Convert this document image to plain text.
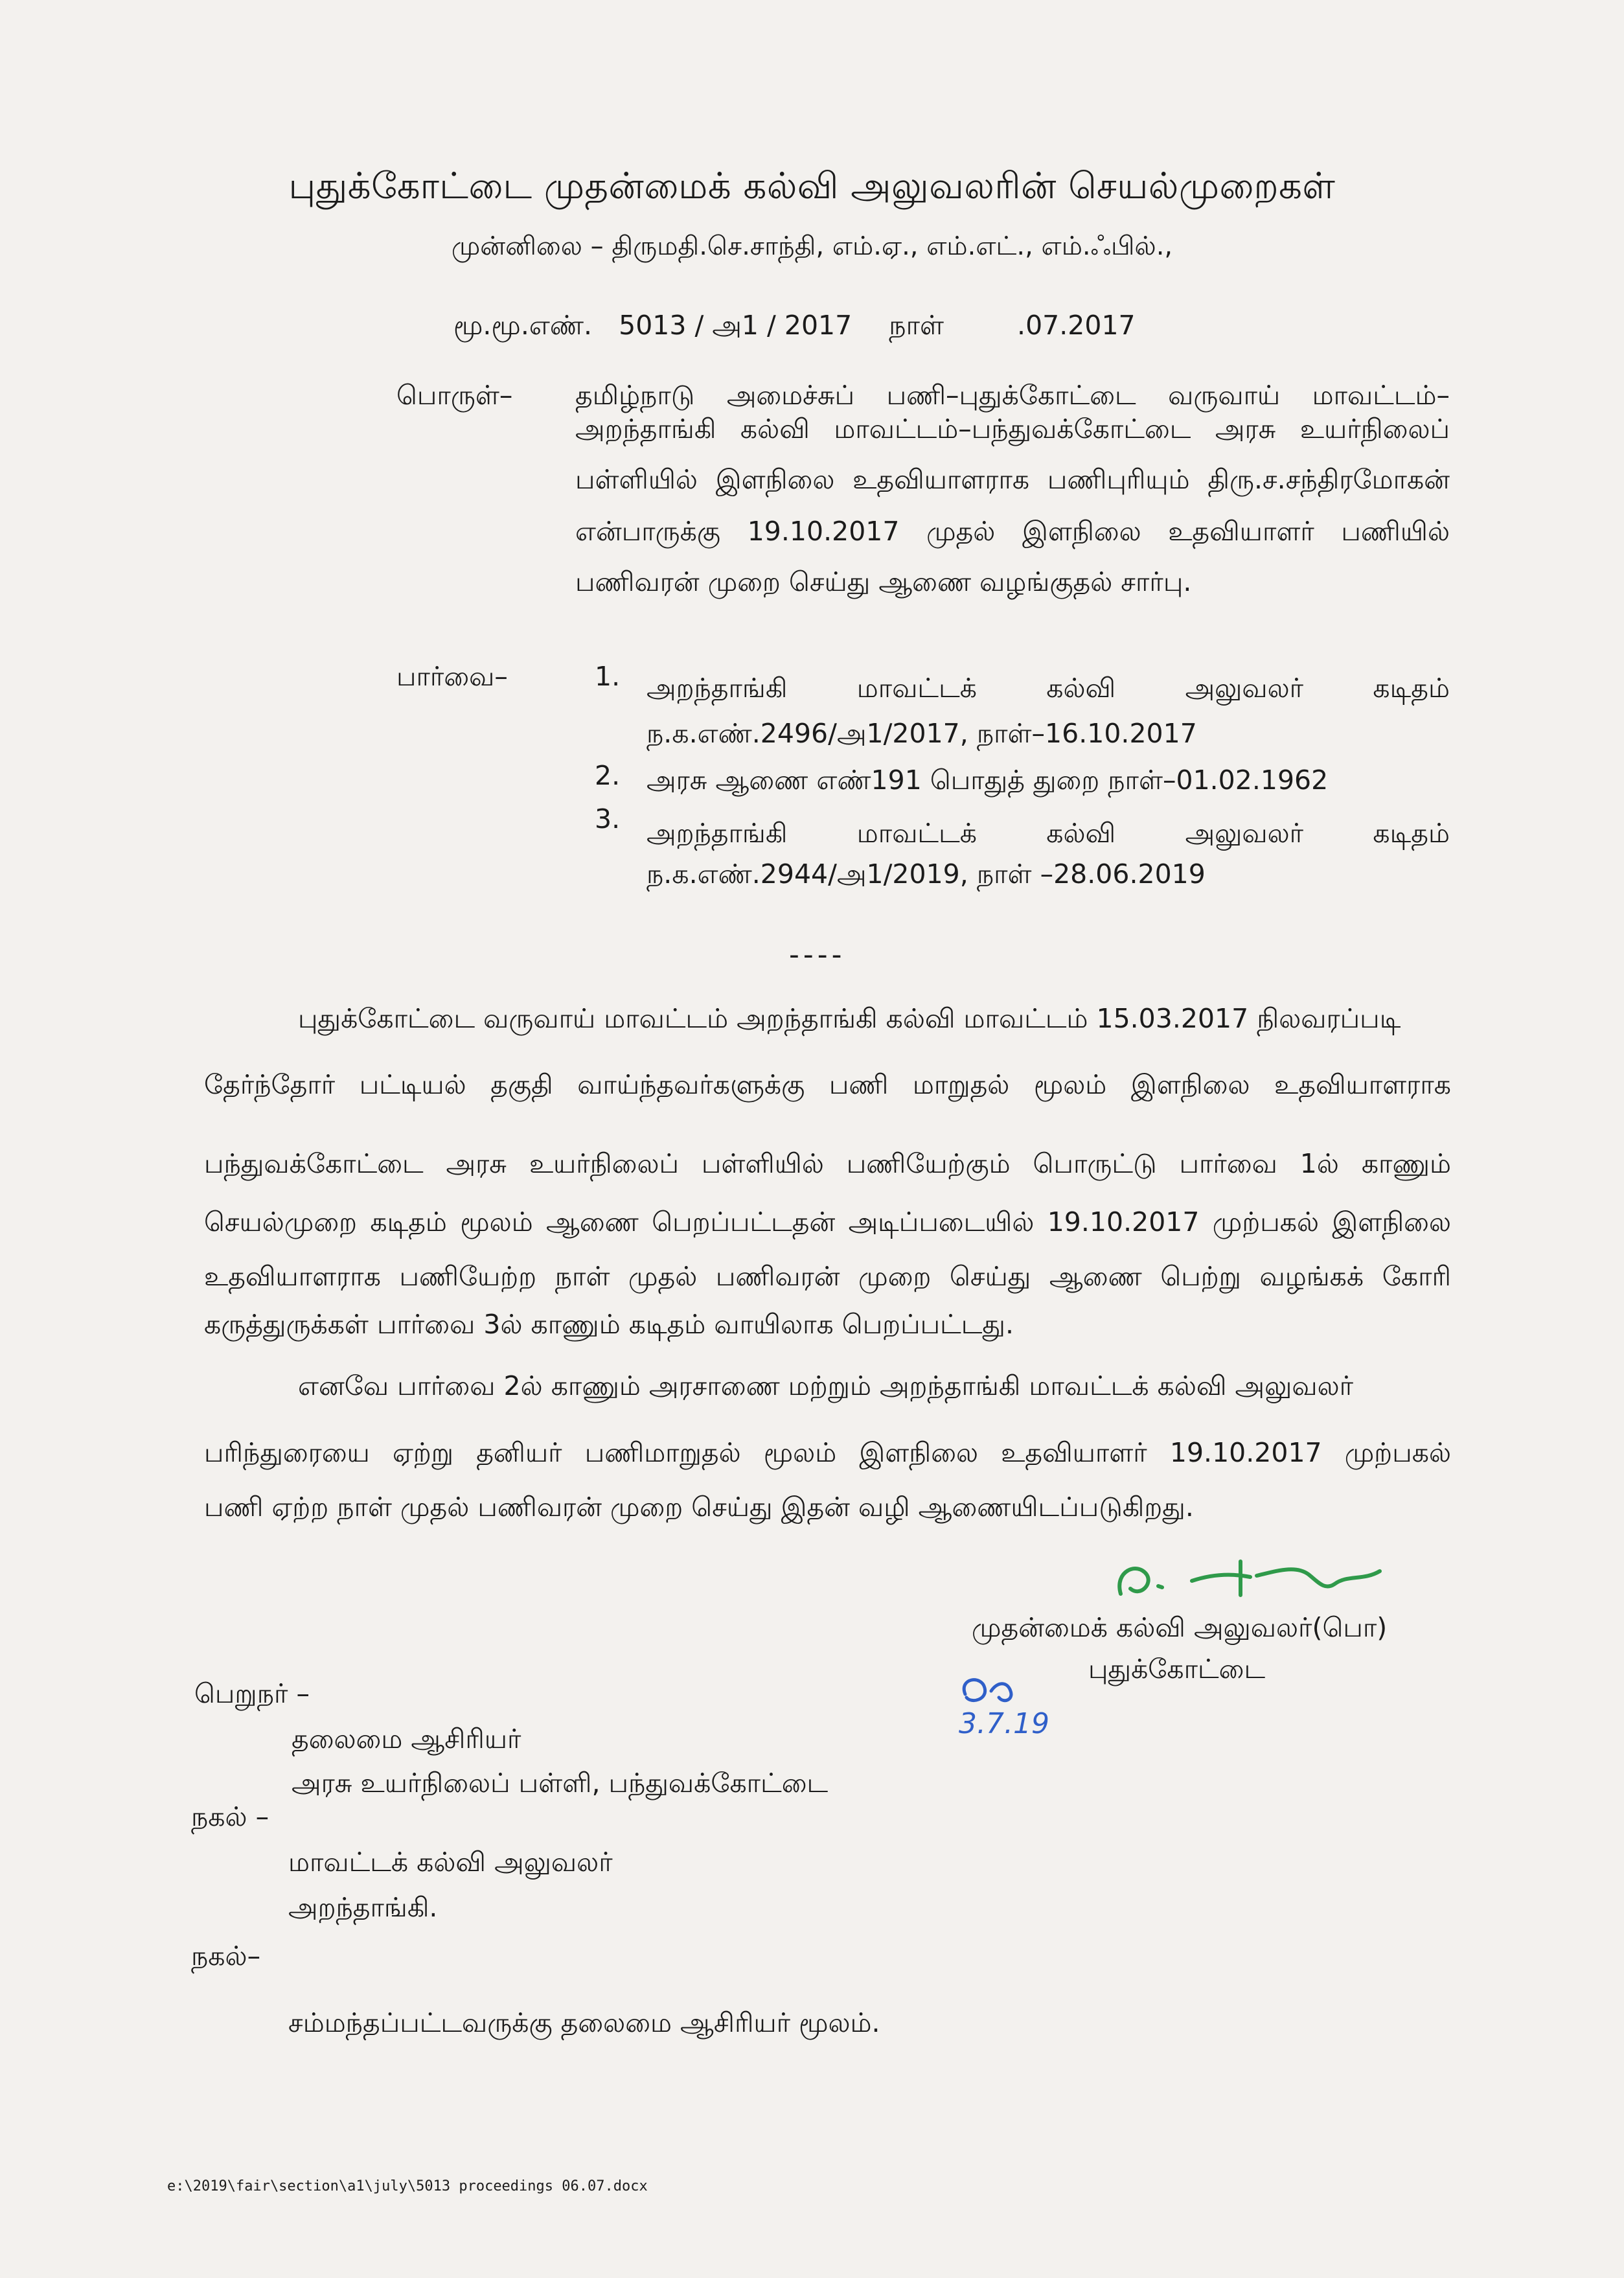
புதுக்கோட்டை முதன்மைக் கல்வி அலுவலரின் செயல்முறைகள்
முன்னிலை – திருமதி.செ.சாந்தி, எம்.ஏ., எம்.எட்., எம்.ஃபில்.,
மூ.மூ.எண். 5013 / அ1 / 2017 நாள்	.07.2017
பொருள்– தமிழ்நாடு அமைச்சுப் பணி–புதுக்கோட்டை வருவாய் மாவட்டம்–
அறந்தாங்கி கல்வி மாவட்டம்–பந்துவக்கோட்டை அரசு உயர்நிலைப்
பள்ளியில் இளநிலை உதவியாளராக பணிபுரியும் திரு.ச.சந்திரமோகன்
என்பாருக்கு 19.10.2017 முதல் இளநிலை உதவியாளர் பணியில்
பணிவரன் முறை செய்து ஆணை வழங்குதல் சார்பு.
பார்வை–	1. அறந்தாங்கி மாவட்டக் கல்வி அலுவலர் கடிதம்
ந.க.எண்.2496/அ1/2017, நாள்–16.10.2017
2. அரசு ஆணை எண்191 பொதுத் துறை நாள்–01.02.1962
3. அறந்தாங்கி மாவட்டக் கல்வி அலுவலர் கடிதம்
ந.க.எண்.2944/அ1/2019, நாள் –28.06.2019
----
புதுக்கோட்டை வருவாய் மாவட்டம் அறந்தாங்கி கல்வி மாவட்டம் 15.03.2017 நிலவரப்படி
தேர்ந்தோர் பட்டியல் தகுதி வாய்ந்தவர்களுக்கு பணி மாறுதல் மூலம் இளநிலை உதவியாளராக
பந்துவக்கோட்டை அரசு உயர்நிலைப் பள்ளியில் பணியேற்கும் பொருட்டு பார்வை 1ல் காணும்
செயல்முறை கடிதம் மூலம் ஆணை பெறப்பட்டதன் அடிப்படையில் 19.10.2017 முற்பகல் இளநிலை
உதவியாளராக பணியேற்ற நாள் முதல் பணிவரன் முறை செய்து ஆணை பெற்று வழங்கக் கோரி
கருத்துருக்கள் பார்வை 3ல் காணும் கடிதம் வாயிலாக பெறப்பட்டது.
எனவே பார்வை 2ல் காணும் அரசாணை மற்றும் அறந்தாங்கி மாவட்டக் கல்வி அலுவலர்
பரிந்துரையை ஏற்று தனியர் பணிமாறுதல் மூலம் இளநிலை உதவியாளர் 19.10.2017 முற்பகல்
பணி ஏற்ற நாள் முதல் பணிவரன் முறை செய்து இதன் வழி ஆணையிடப்படுகிறது.
ஓ.
முதன்மைக் கல்வி அலுவலர்(பொ)
புதுக்கோட்டை
3.7.19
பெறுநர் –
தலைமை ஆசிரியர்
அரசு உயர்நிலைப் பள்ளி, பந்துவக்கோட்டை
நகல் –
மாவட்டக் கல்வி அலுவலர்
அறந்தாங்கி.
நகல்–
சம்மந்தப்பட்டவருக்கு தலைமை ஆசிரியர் மூலம்.
e:\2019\fair\section\a1\july\5013 proceedings 06.07.docx
